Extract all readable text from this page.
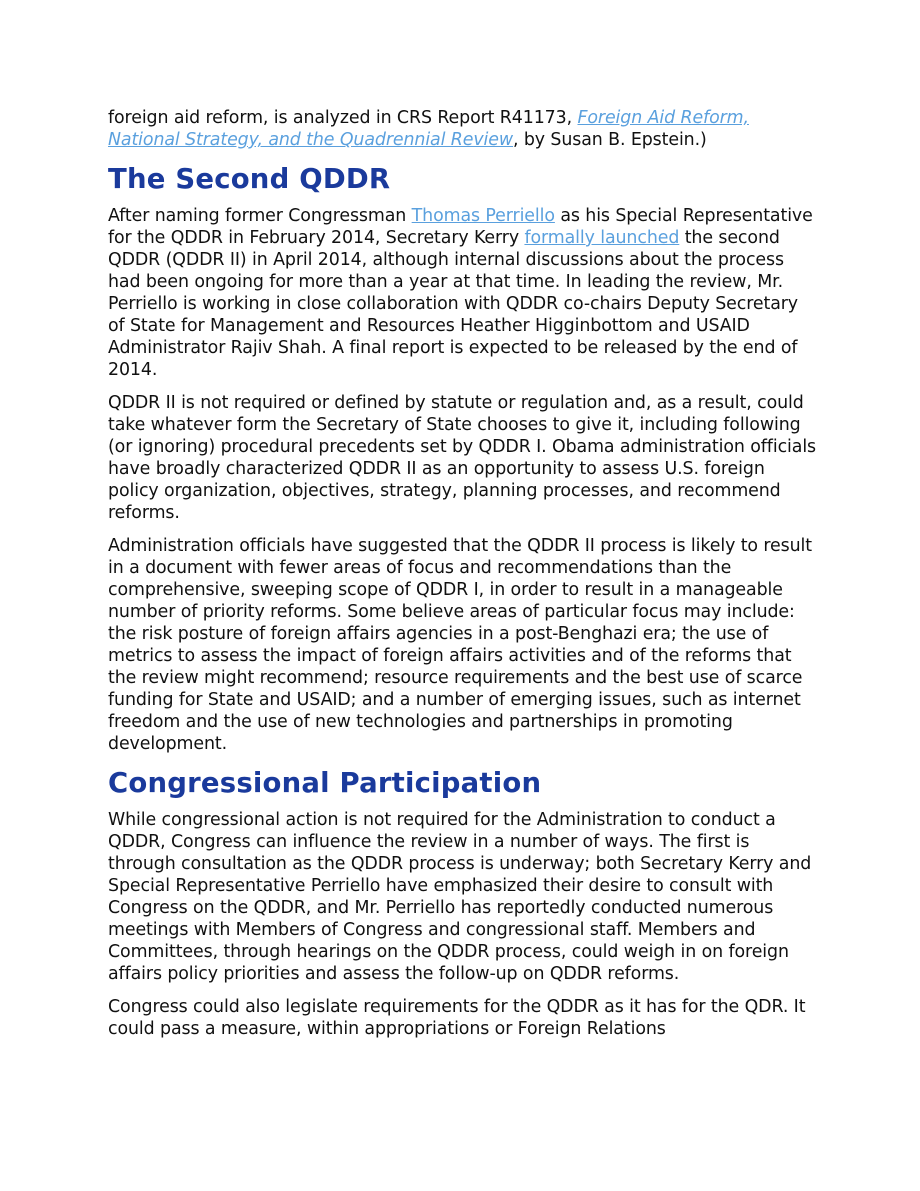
foreign aid reform, is analyzed in CRS Report R41173, Foreign Aid Reform, National Strategy, and the Quadrennial Review, by Susan B. Epstein.)

The Second QDDR

After naming former Congressman Thomas Perriello as his Special Representative for the QDDR in February 2014, Secretary Kerry formally launched the second QDDR (QDDR II) in April 2014, although internal discussions about the process had been ongoing for more than a year at that time. In leading the review, Mr. Perriello is working in close collaboration with QDDR co-chairs Deputy Secretary of State for Management and Resources Heather Higginbottom and USAID Administrator Rajiv Shah. A final report is expected to be released by the end of 2014.

QDDR II is not required or defined by statute or regulation and, as a result, could take whatever form the Secretary of State chooses to give it, including following (or ignoring) procedural precedents set by QDDR I. Obama administration officials have broadly characterized QDDR II as an opportunity to assess U.S. foreign policy organization, objectives, strategy, planning processes, and recommend reforms.

Administration officials have suggested that the QDDR II process is likely to result in a document with fewer areas of focus and recommendations than the comprehensive, sweeping scope of QDDR I, in order to result in a manageable number of priority reforms. Some believe areas of particular focus may include: the risk posture of foreign affairs agencies in a post-Benghazi era; the use of metrics to assess the impact of foreign affairs activities and of the reforms that the review might recommend; resource requirements and the best use of scarce funding for State and USAID; and a number of emerging issues, such as internet freedom and the use of new technologies and partnerships in promoting development.

Congressional Participation

While congressional action is not required for the Administration to conduct a QDDR, Congress can influence the review in a number of ways. The first is through consultation as the QDDR process is underway; both Secretary Kerry and Special Representative Perriello have emphasized their desire to consult with Congress on the QDDR, and Mr. Perriello has reportedly conducted numerous meetings with Members of Congress and congressional staff. Members and Committees, through hearings on the QDDR process, could weigh in on foreign affairs policy priorities and assess the follow-up on QDDR reforms.

Congress could also legislate requirements for the QDDR as it has for the QDR. It could pass a measure, within appropriations or Foreign Relations
